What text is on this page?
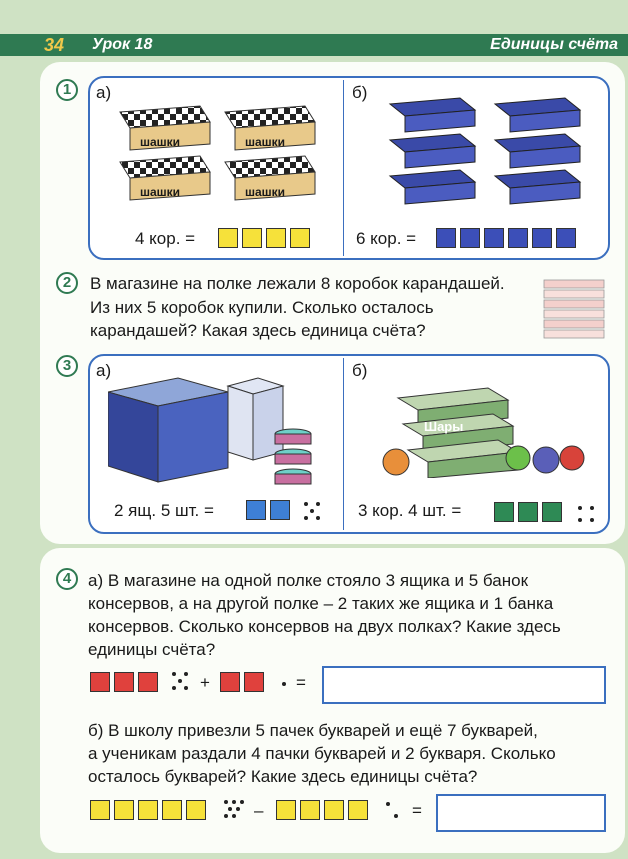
34 Урок 18	Единицы счёта
1	а)	б)
шашки	шашки
шашки	шашки
4 кор. =	6 кор. =
2	В магазине на полке лежали 8 коробок карандашей.
Из них 5 коробок купили. Сколько осталось
карандашей? Какая здесь единица счёта?
3	а)	б)
Шары
2 ящ. 5 шт. =	3 кор. 4 шт. =
4 а) В магазине на одной полке стояло 3 ящика и 5 банок
консервов, а на другой полке – 2 таких же ящика и 1 банка
консервов. Сколько консервов на двух полках? Какие здесь
единицы счёта?
+	=
б) В школу привезли 5 пачек букварей и ещё 7 букварей,
а ученикам раздали 4 пачки букварей и 2 букваря. Сколько
осталось букварей? Какие здесь единицы счёта?
–	=
